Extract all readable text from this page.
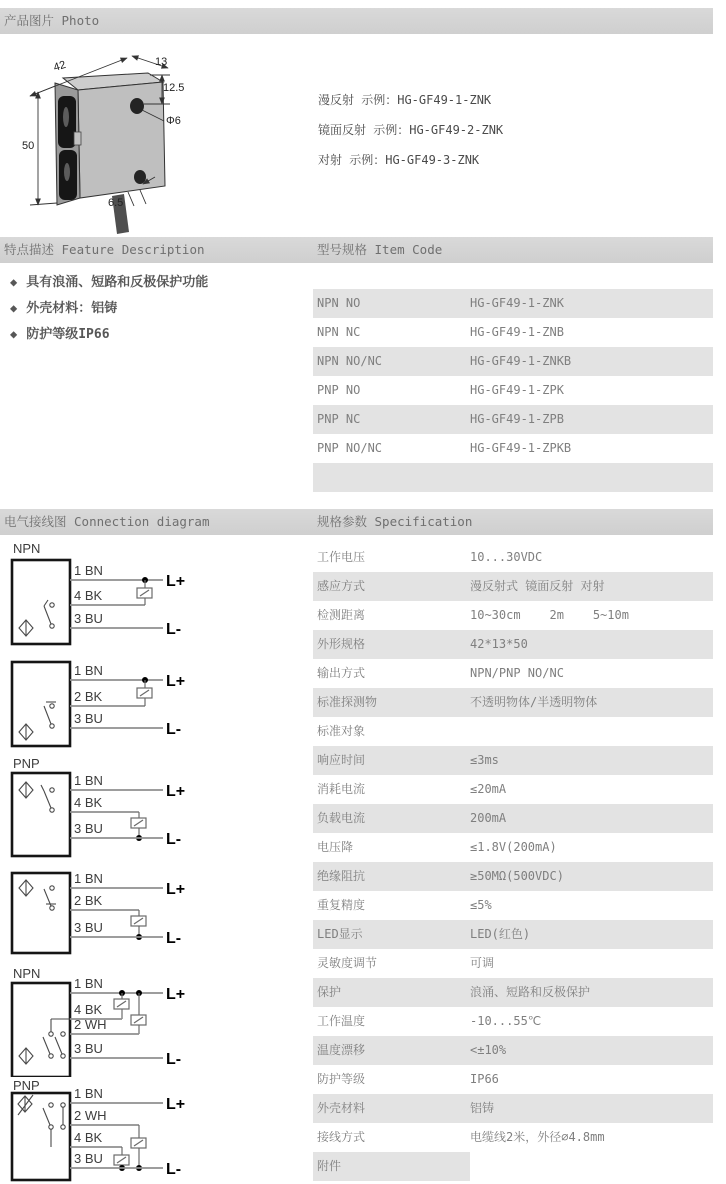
产品图片 Photo
42	13
12.5
Φ6
50
6.5
漫反射 示例：HG-GF49-1-ZNK
镜面反射 示例：HG-GF49-2-ZNK
对射 示例：HG-GF49-3-ZNK
特点描述 Feature Description	型号规格 Item Code
◆ 具有浪涌、短路和反极保护功能
◆ 外壳材料：铝铸
◆ 防护等级IP66
NPN NO	HG-GF49-1-ZNK
NPN NC	HG-GF49-1-ZNB
NPN NO/NC	HG-GF49-1-ZNKB
PNP NO	HG-GF49-1-ZPK
PNP NC	HG-GF49-1-ZPB
PNP NO/NC	HG-GF49-1-ZPKB
电气接线图 Connection diagram	规格参数 Specification
NPN
1 BN
4 BK
3 BU
L+
L-
1 BN
2 BK
3 BU
L+
L-
PNP
1 BN
4 BK
3 BU
L+
L-
1 BN
2 BK
3 BU
L+
L-
NPN
1 BN
4 BK
2 WH
3 BU
L+
L-
PNP
1 BN
2 WH
4 BK
3 BU
L+
L-
工作电压	10...30VDC
感应方式	漫反射式 镜面反射 对射
检测距离	10~30cm    2m    5~10m
外形规格	42*13*50
输出方式	NPN/PNP NO/NC
标准探测物	不透明物体/半透明物体
标准对象
响应时间	≤3ms
消耗电流	≤20mA
负载电流	200mA
电压降	≤1.8V(200mA)
绝缘阻抗	≥50MΩ(500VDC)
重复精度	≤5%
LED显示	LED(红色)
灵敏度调节	可调
保护	浪涌、短路和反极保护
工作温度	-10...55℃
温度漂移	<±10%
防护等级	IP66
外壳材料	铝铸
接线方式	电缆线2米，外径∅4.8mm
附件
